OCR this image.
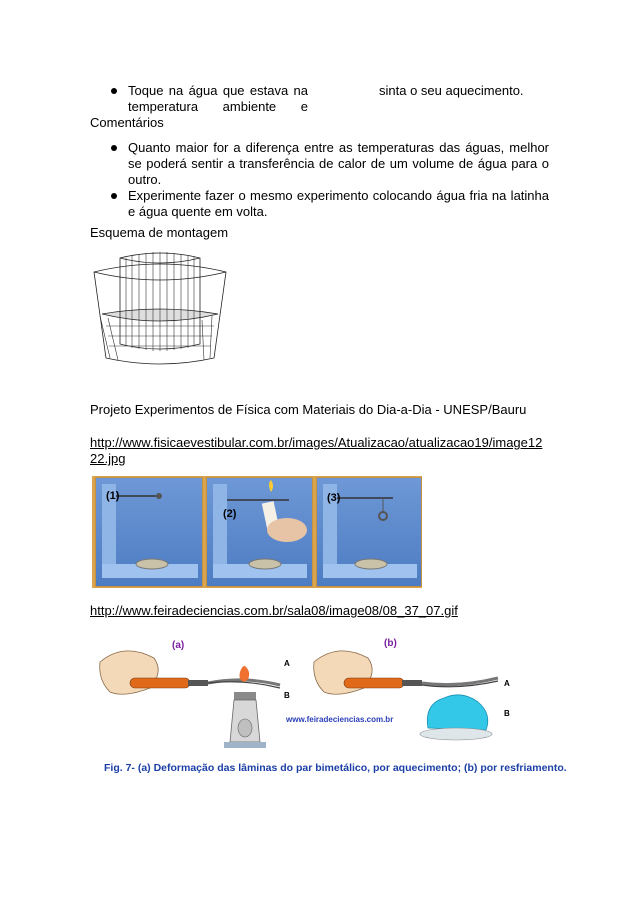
Toque na água que estava na temperatura ambiente e
sinta o seu aquecimento.
Comentários
Quanto maior for a diferença entre as temperaturas das águas, melhor se poderá sentir a transferência de calor de um volume de água para o outro.
Experimente fazer o mesmo experimento colocando água fria na latinha e água quente em volta.
Esquema de montagem
Projeto Experimentos de Física com Materiais do Dia-a-Dia - UNESP/Bauru
http://www.fisicaevestibular.com.br/images/Atualizacao/atualizacao19/image12
22.jpg
(1)
(2)
(3)
http://www.feiradeciencias.com.br/sala08/image08/08_37_07.gif
(a)	(b)
A
B
A
B
www.feiradeciencias.com.br
Fig. 7- (a) Deformação das lâminas do par bimetálico, por aquecimento; (b) por resfriamento.
